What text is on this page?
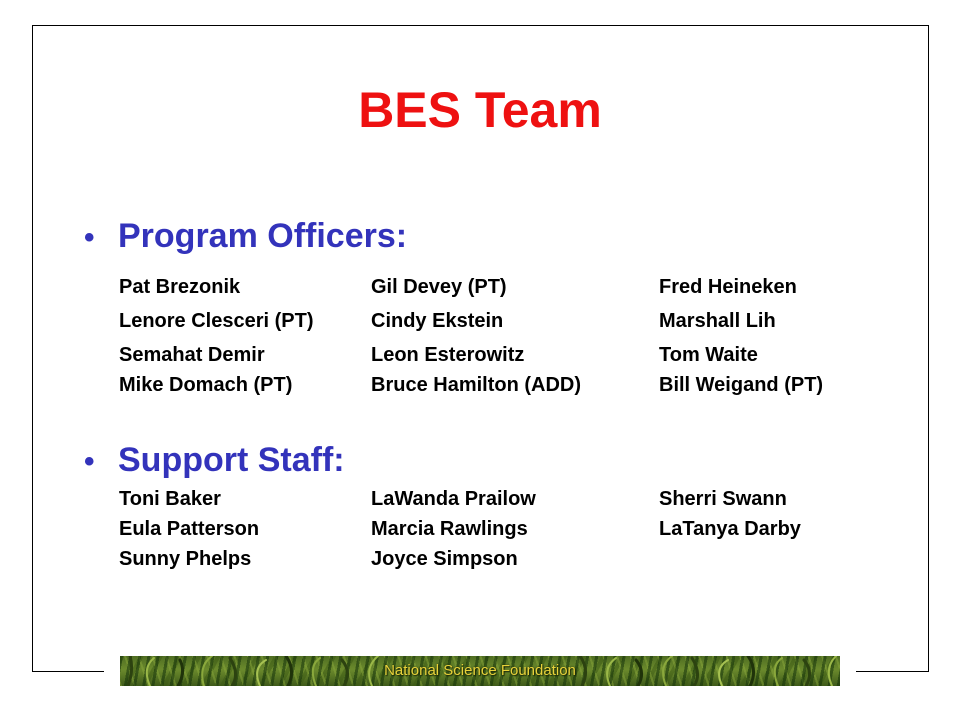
BES Team
• Program Officers:
Pat Brezonik	Gil Devey (PT)	Fred Heineken
Lenore Clesceri (PT)	Cindy Ekstein	Marshall Lih
Semahat Demir	Leon Esterowitz	Tom Waite
Mike Domach (PT)	Bruce Hamilton (ADD)	Bill Weigand (PT)
• Support Staff:
Toni Baker	LaWanda Prailow	Sherri Swann
Eula Patterson	Marcia Rawlings	LaTanya Darby
Sunny Phelps	Joyce Simpson
National Science Foundation
